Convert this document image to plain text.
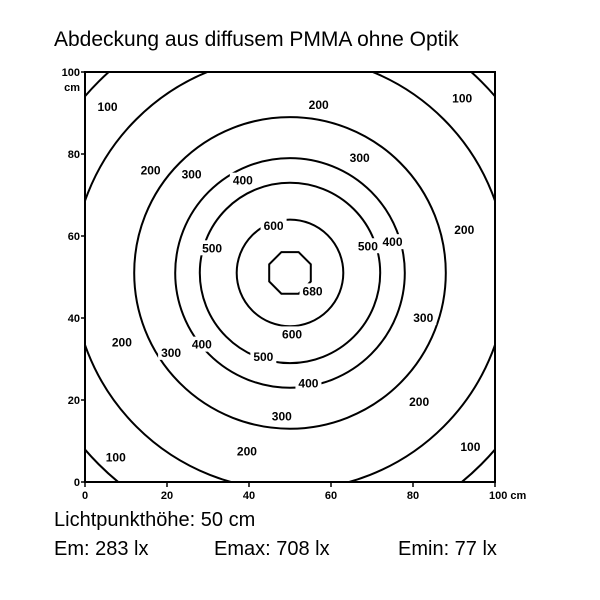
Abdeckung aus diffusem PMMA ohne Optik
680
600
600
500	500
500
400
400
400
400
300
300
300
300
300
200
200
200
200
200
200
100
100
100
100
0	20	40	60	80	100 cm
0
20
40
60
80
100
cm
Lichtpunkthöhe: 50 cm
Em: 283 lx	Emax: 708 lx	Emin: 77 lx
